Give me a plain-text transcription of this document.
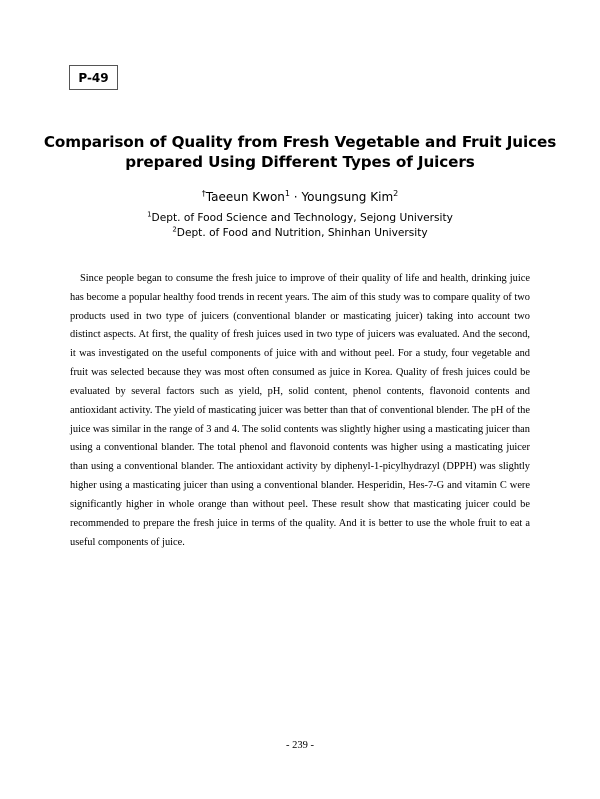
P-49
Comparison of Quality from Fresh Vegetable and Fruit Juices
prepared Using Different Types of Juicers
†Taeeun Kwon$^1$ · Youngsung Kim$^2$
$^1$Dept. of Food Science and Technology, Sejong University
$^2$Dept. of Food and Nutrition, Shinhan University

Since people began to consume the fresh juice to improve of their quality of life and health, drinking juice has become a popular healthy food trends in recent years. The aim of this study was to compare quality of two products used in two type of juicers (conventional blander or masticating juicer) taking into account two distinct aspects. At first, the quality of fresh juices used in two type of juicers was evaluated. And the second, it was investigated on the useful components of juice with and without peel. For a study, four vegetable and fruit was selected because they was most often consumed as juice in Korea. Quality of fresh juices could be evaluated by several factors such as yield, pH, solid content, phenol contents, flavonoid contents and antioxidant activity. The yield of masticating juicer was better than that of conventional blender. The pH of the juice was similar in the range of 3 and 4. The solid contents was slightly higher using a masticating juicer than using a conventional blander. The total phenol and flavonoid contents was higher using a masticating juicer than using a conventional blander. The antioxidant activity by diphenyl-1-picylhydrazyl (DPPH) was slightly higher using a masticating juicer than using a conventional blander. Hesperidin, Hes-7-G and vitamin C were significantly higher in whole orange than without peel. These result show that masticating juicer could be recommended to prepare the fresh juice in terms of the quality. And it is better to use the whole fruit to eat a useful components of juice.

- 239 -
